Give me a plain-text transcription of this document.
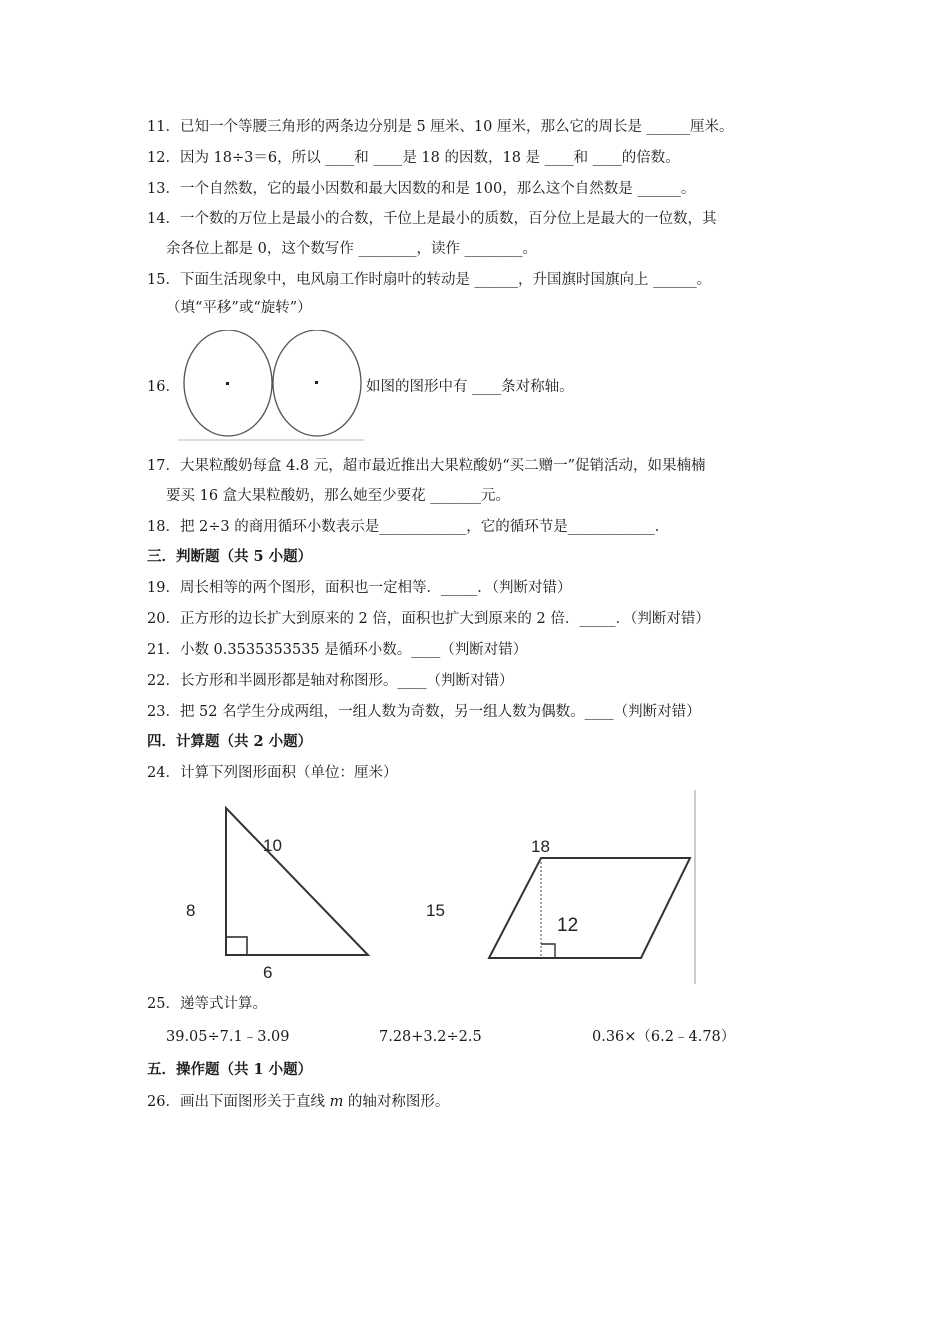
11．已知一个等腰三角形的两条边分别是 5 厘米、10 厘米，那么它的周长是 ______厘米。
12．因为 18÷3＝6，所以 ____和 ____是 18 的因数，18 是 ____和 ____的倍数。
13．一个自然数，它的最小因数和最大因数的和是 100，那么这个自然数是 ______。
14．一个数的万位上是最小的合数，千位上是最小的质数，百分位上是最大的一位数，其
余各位上都是 0，这个数写作 ________，读作 ________。
15．下面生活现象中，电风扇工作时扇叶的转动是 ______，升国旗时国旗向上 ______。
（填“平移”或“旋转”）
16．	如图的图形中有 ____条对称轴。
17．大果粒酸奶每盒 4.8 元，超市最近推出大果粒酸奶“买二赠一”促销活动，如果楠楠
要买 16 盒大果粒酸奶，那么她至少要花 _______元。
18．把 2÷3 的商用循环小数表示是____________，它的循环节是____________．
三．判断题（共 5 小题）
19．周长相等的两个图形，面积也一定相等．_____．（判断对错）
20．正方形的边长扩大到原来的 2 倍，面积也扩大到原来的 2 倍．_____．（判断对错）
21．小数 0.3535353535 是循环小数。____（判断对错）
22．长方形和半圆形都是轴对称图形。____（判断对错）
23．把 52 名学生分成两组，一组人数为奇数，另一组人数为偶数。____（判断对错）
四．计算题（共 2 小题）
24．计算下列图形面积（单位：厘米）
10
8
6
15
18
12
25．递等式计算。
39.05÷7.1﹣3.09	7.28+3.2÷2.5	0.36×（6.2﹣4.78）
五．操作题（共 1 小题）
26．画出下面图形关于直线 m 的轴对称图形。
